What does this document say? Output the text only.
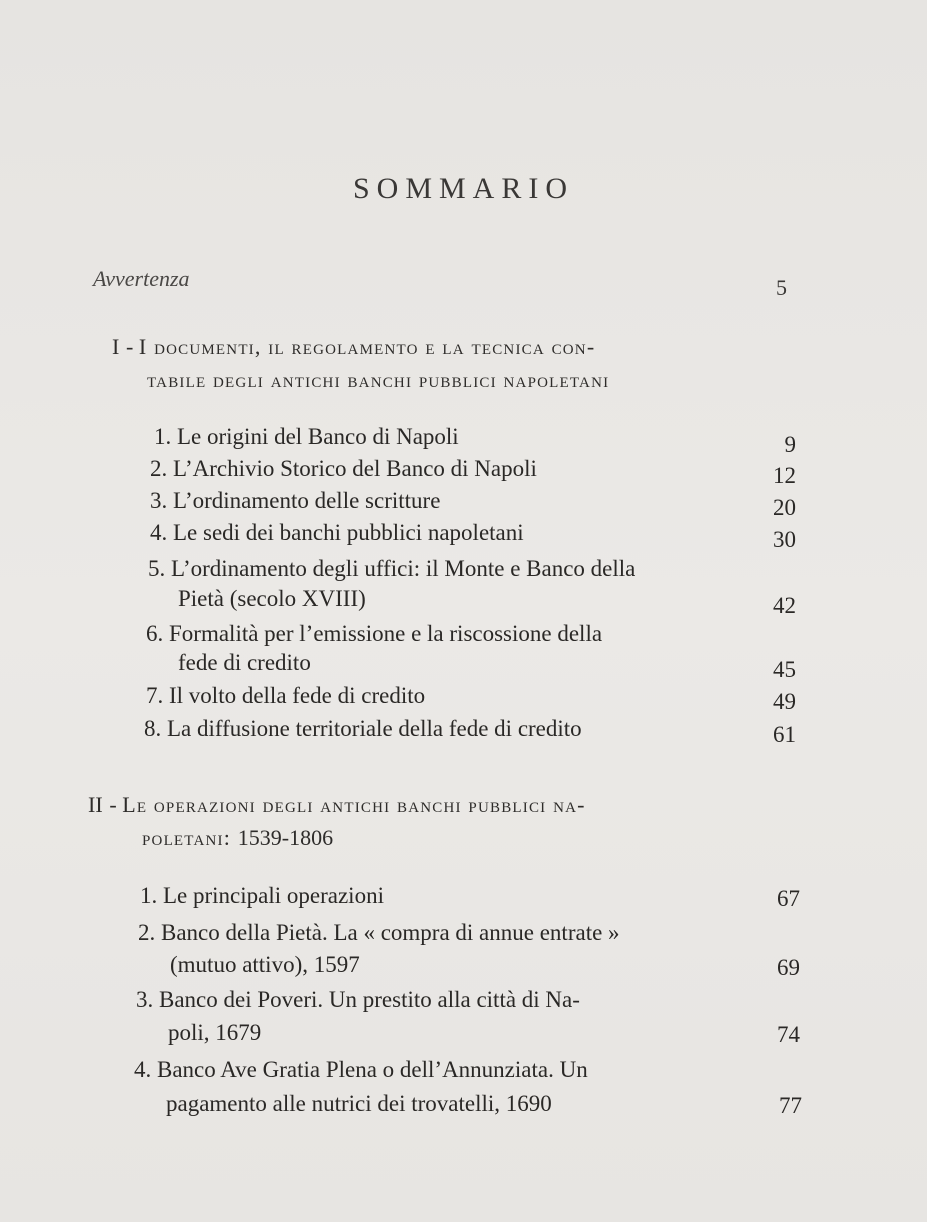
SOMMARIO
Avvertenza	5
I - I documenti, il regolamento e la tecnica con-
tabile degli antichi banchi pubblici napoletani
1. Le origini del Banco di Napoli	9
2. L’Archivio Storico del Banco di Napoli	12
3. L’ordinamento delle scritture	20
4. Le sedi dei banchi pubblici napoletani	30
5. L’ordinamento degli uffici: il Monte e Banco della
Pietà (secolo XVIII)	42
6. Formalità per l’emissione e la riscossione della
fede di credito	45
7. Il volto della fede di credito	49
8. La diffusione territoriale della fede di credito	61
II - Le operazioni degli antichi banchi pubblici na-
poletani: 1539-1806
1. Le principali operazioni	67
2. Banco della Pietà. La « compra di annue entrate »
(mutuo attivo), 1597	69
3. Banco dei Poveri. Un prestito alla città di Na-
poli, 1679	74
4. Banco Ave Gratia Plena o dell’Annunziata. Un
pagamento alle nutrici dei trovatelli, 1690	77
